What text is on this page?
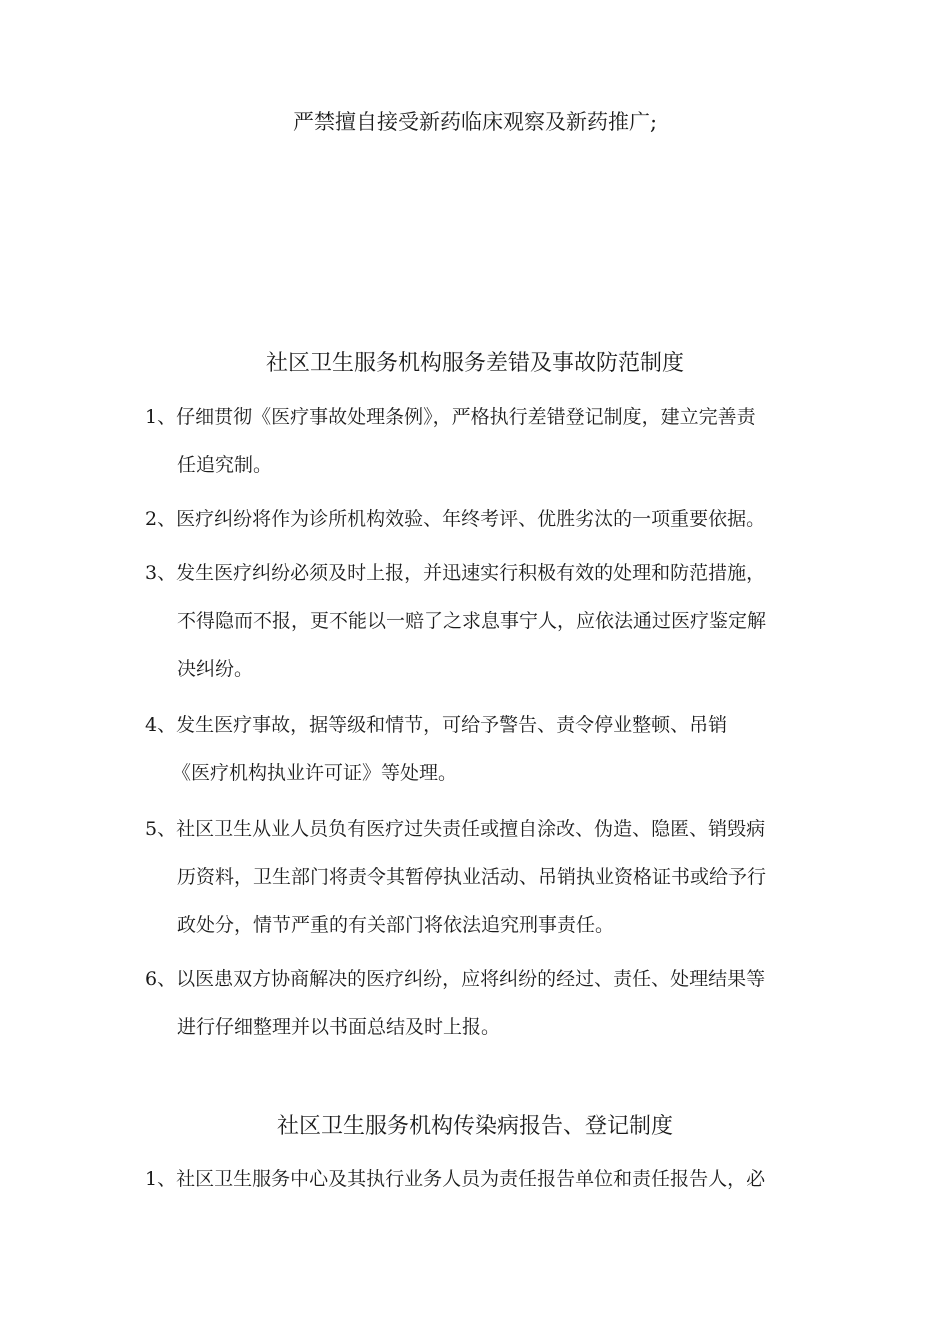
严禁擅自接受新药临床观察及新药推广;
社区卫生服务机构服务差错及事故防范制度
1、仔细贯彻《医疗事故处理条例》，严格执行差错登记制度，建立完善责
任追究制。
2、医疗纠纷将作为诊所机构效验、年终考评、优胜劣汰的一项重要依据。
3、发生医疗纠纷必须及时上报，并迅速实行积极有效的处理和防范措施，
不得隐而不报，更不能以一赔了之求息事宁人，应依法通过医疗鉴定解
决纠纷。
4、发生医疗事故，据等级和情节，可给予警告、责令停业整顿、吊销
《医疗机构执业许可证》等处理。
5、社区卫生从业人员负有医疗过失责任或擅自涂改、伪造、隐匿、销毁病
历资料，卫生部门将责令其暂停执业活动、吊销执业资格证书或给予行
政处分，情节严重的有关部门将依法追究刑事责任。
6、以医患双方协商解决的医疗纠纷，应将纠纷的经过、责任、处理结果等
进行仔细整理并以书面总结及时上报。
社区卫生服务机构传染病报告、登记制度
1、社区卫生服务中心及其执行业务人员为责任报告单位和责任报告人，必
